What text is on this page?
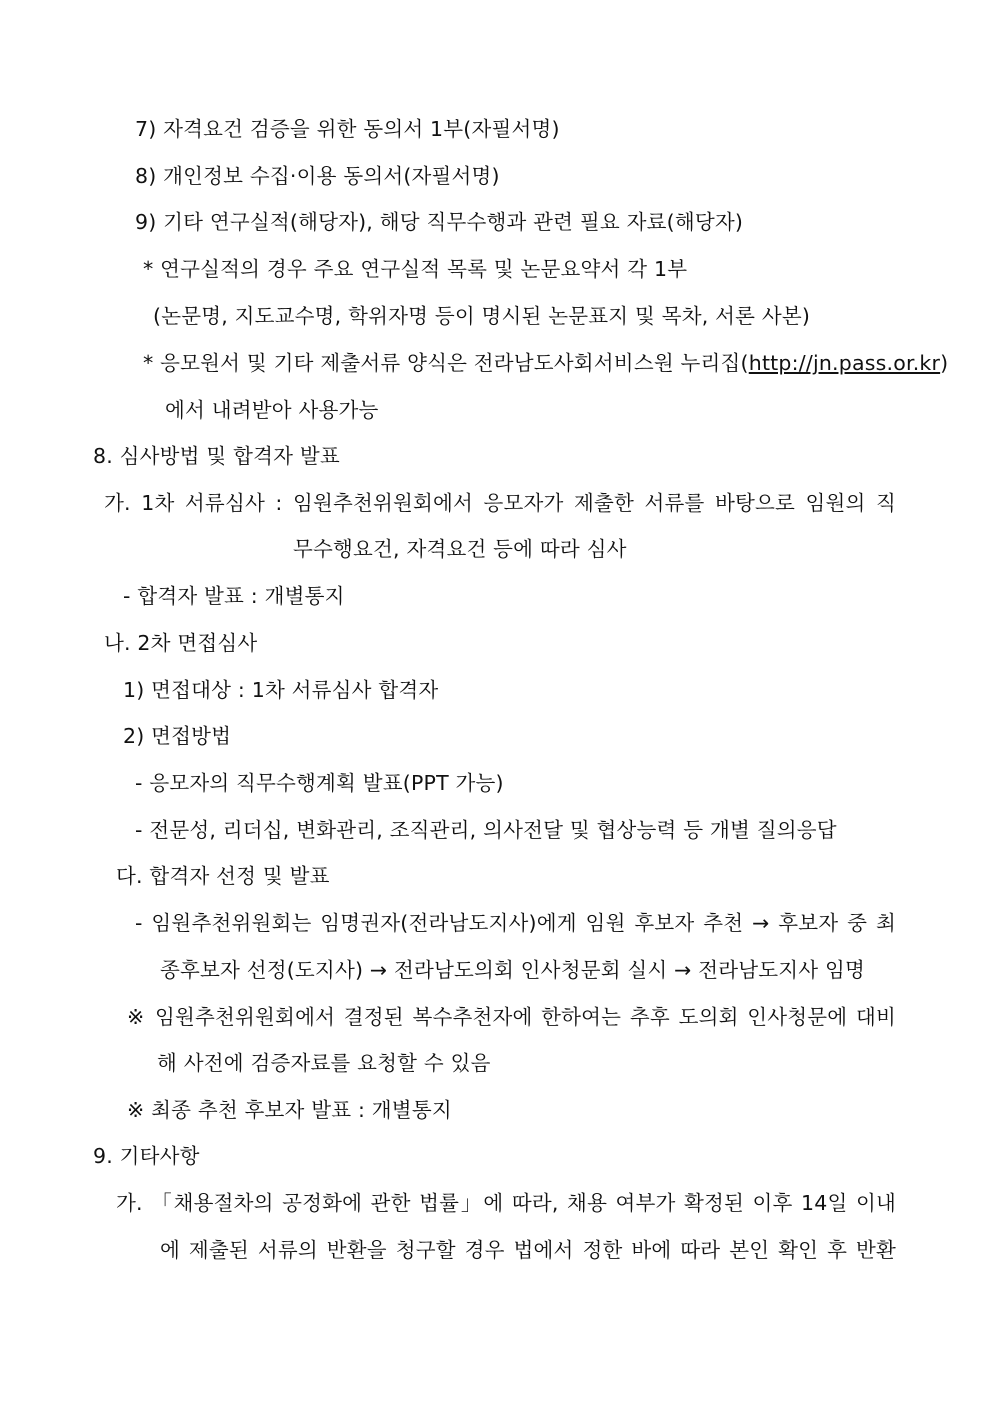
7) 자격요건 검증을 위한 동의서 1부(자필서명)
8) 개인정보 수집·이용 동의서(자필서명)
9) 기타 연구실적(해당자), 해당 직무수행과 관련 필요 자료(해당자)
* 연구실적의 경우 주요 연구실적 목록 및 논문요약서 각 1부
(논문명, 지도교수명, 학위자명 등이 명시된 논문표지 및 목차, 서론 사본)
* 응모원서 및 기타 제출서류 양식은 전라남도사회서비스원 누리집(http://jn.pass.or.kr)
에서 내려받아 사용가능
8. 심사방법 및 합격자 발표
가. 1차 서류심사 : 임원추천위원회에서 응모자가 제출한 서류를 바탕으로 임원의 직
무수행요건, 자격요건 등에 따라 심사
- 합격자 발표 : 개별통지
나. 2차 면접심사
1) 면접대상 : 1차 서류심사 합격자
2) 면접방법
- 응모자의 직무수행계획 발표(PPT 가능)
- 전문성, 리더십, 변화관리, 조직관리, 의사전달 및 협상능력 등 개별 질의응답
다. 합격자 선정 및 발표
- 임원추천위원회는 임명권자(전라남도지사)에게 임원 후보자 추천 → 후보자 중 최
종후보자 선정(도지사) → 전라남도의회 인사청문회 실시 → 전라남도지사 임명
※ 임원추천위원회에서 결정된 복수추천자에 한하여는 추후 도의회 인사청문에 대비
해 사전에 검증자료를 요청할 수 있음
※ 최종 추천 후보자 발표 : 개별통지
9. 기타사항
가. 「채용절차의 공정화에 관한 법률」에 따라, 채용 여부가 확정된 이후 14일 이내
에 제출된 서류의 반환을 청구할 경우 법에서 정한 바에 따라 본인 확인 후 반환
